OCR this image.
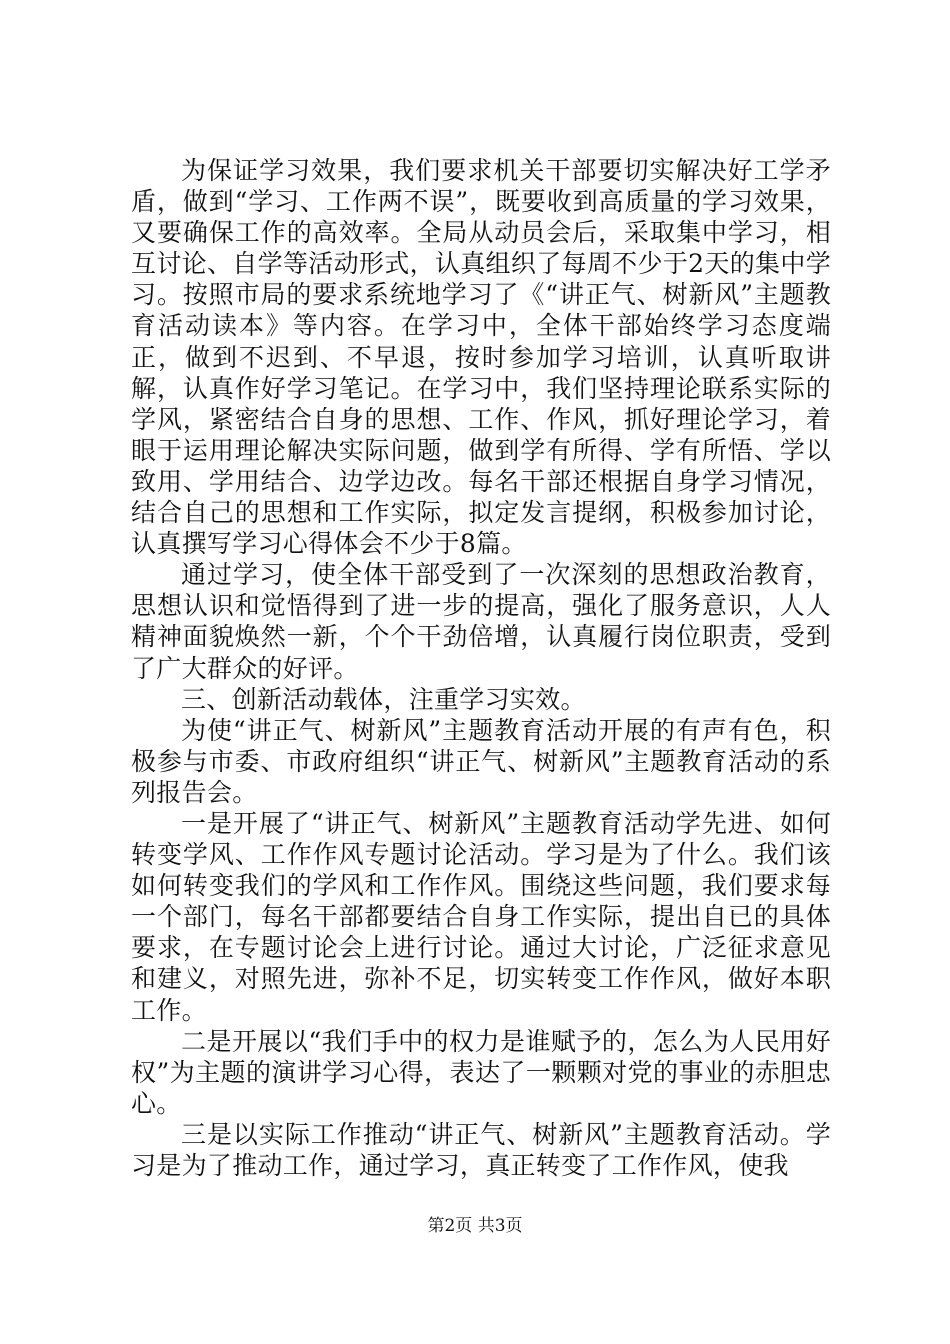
为保证学习效果，我们要求机关干部要切实解决好工学矛盾，做到“学习、工作两不误”，既要收到高质量的学习效果，又要确保工作的高效率。全局从动员会后，采取集中学习，相互讨论、自学等活动形式，认真组织了每周不少于2天的集中学习。按照市局的要求系统地学习了《“讲正气、树新风”主题教育活动读本》等内容。在学习中，全体干部始终学习态度端正，做到不迟到、不早退，按时参加学习培训，认真听取讲解，认真作好学习笔记。在学习中，我们坚持理论联系实际的学风，紧密结合自身的思想、工作、作风，抓好理论学习，着眼于运用理论解决实际问题，做到学有所得、学有所悟、学以致用、学用结合、边学边改。每名干部还根据自身学习情况，结合自己的思想和工作实际，拟定发言提纲，积极参加讨论，认真撰写学习心得体会不少于8篇。

通过学习，使全体干部受到了一次深刻的思想政治教育，思想认识和觉悟得到了进一步的提高，强化了服务意识，人人精神面貌焕然一新，个个干劲倍增，认真履行岗位职责，受到了广大群众的好评。

三、创新活动载体，注重学习实效。

为使“讲正气、树新风”主题教育活动开展的有声有色，积极参与市委、市政府组织“讲正气、树新风”主题教育活动的系列报告会。

一是开展了“讲正气、树新风”主题教育活动学先进、如何转变学风、工作作风专题讨论活动。学习是为了什么。我们该如何转变我们的学风和工作作风。围绕这些问题，我们要求每一个部门，每名干部都要结合自身工作实际，提出自已的具体要求，在专题讨论会上进行讨论。通过大讨论，广泛征求意见和建义，对照先进，弥补不足，切实转变工作作风，做好本职工作。

二是开展以“我们手中的权力是谁赋予的，怎么为人民用好权”为主题的演讲学习心得，表达了一颗颗对党的事业的赤胆忠心。

三是以实际工作推动“讲正气、树新风”主题教育活动。学习是为了推动工作，通过学习，真正转变了工作作风，使我

第2页 共3页
